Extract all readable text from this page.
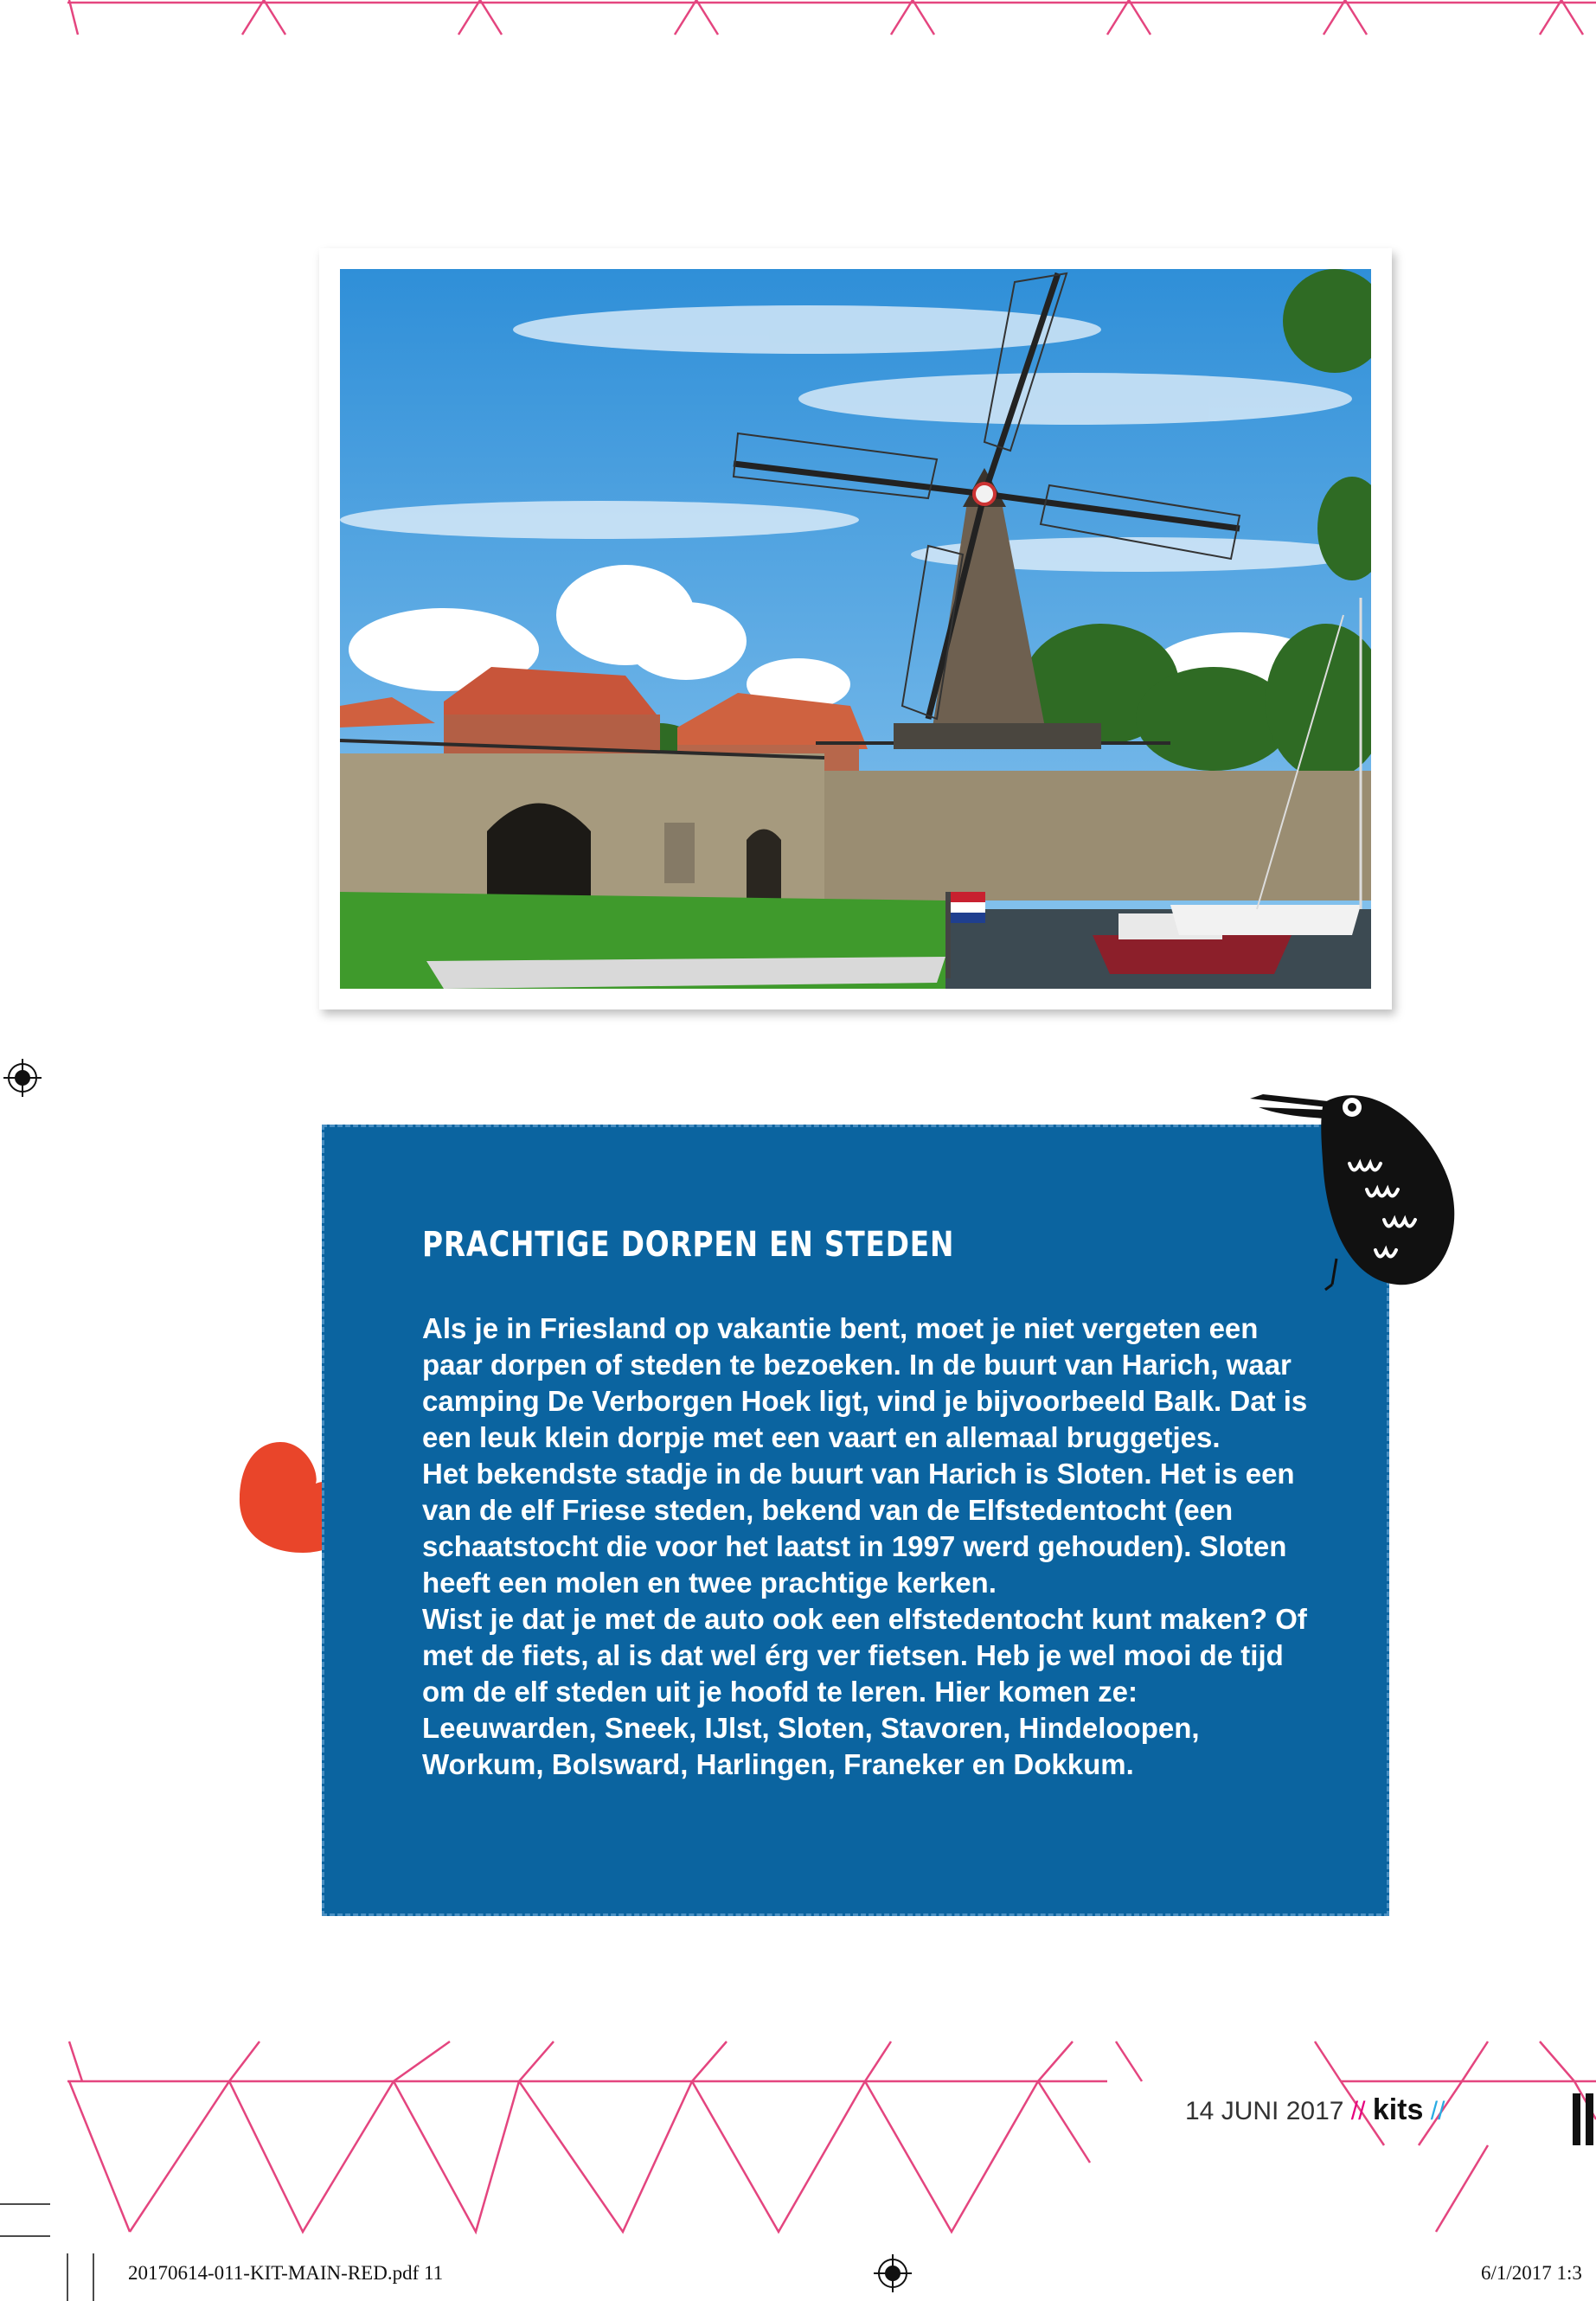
PRACHTIGE DORPEN EN STEDEN

Als je in Friesland op vakantie bent, moet je niet vergeten een paar dorpen of steden te bezoeken. In de buurt van Harich, waar camping De Verborgen Hoek ligt, vind je bijvoorbeeld Balk. Dat is een leuk klein dorpje met een vaart en allemaal bruggetjes.

Het bekendste stadje in de buurt van Harich is Sloten. Het is een van de elf Friese steden, bekend van de Elfstedentocht (een schaatstocht die voor het laatst in 1997 werd gehouden). Sloten heeft een molen en twee prachtige kerken.

Wist je dat je met de auto ook een elfstedentocht kunt maken? Of met de fiets, al is dat wel érg ver fietsen. Heb je wel mooi de tijd om de elf steden uit je hoofd te leren. Hier komen ze: Leeuwarden, Sneek, IJlst, Sloten, Stavoren, Hindeloopen, Workum, Bolsward, Harlingen, Franeker en Dokkum.

14 JUNI 2017 // kits //
20170614-011-KIT-MAIN-RED.pdf 11	6/1/2017 1:3
